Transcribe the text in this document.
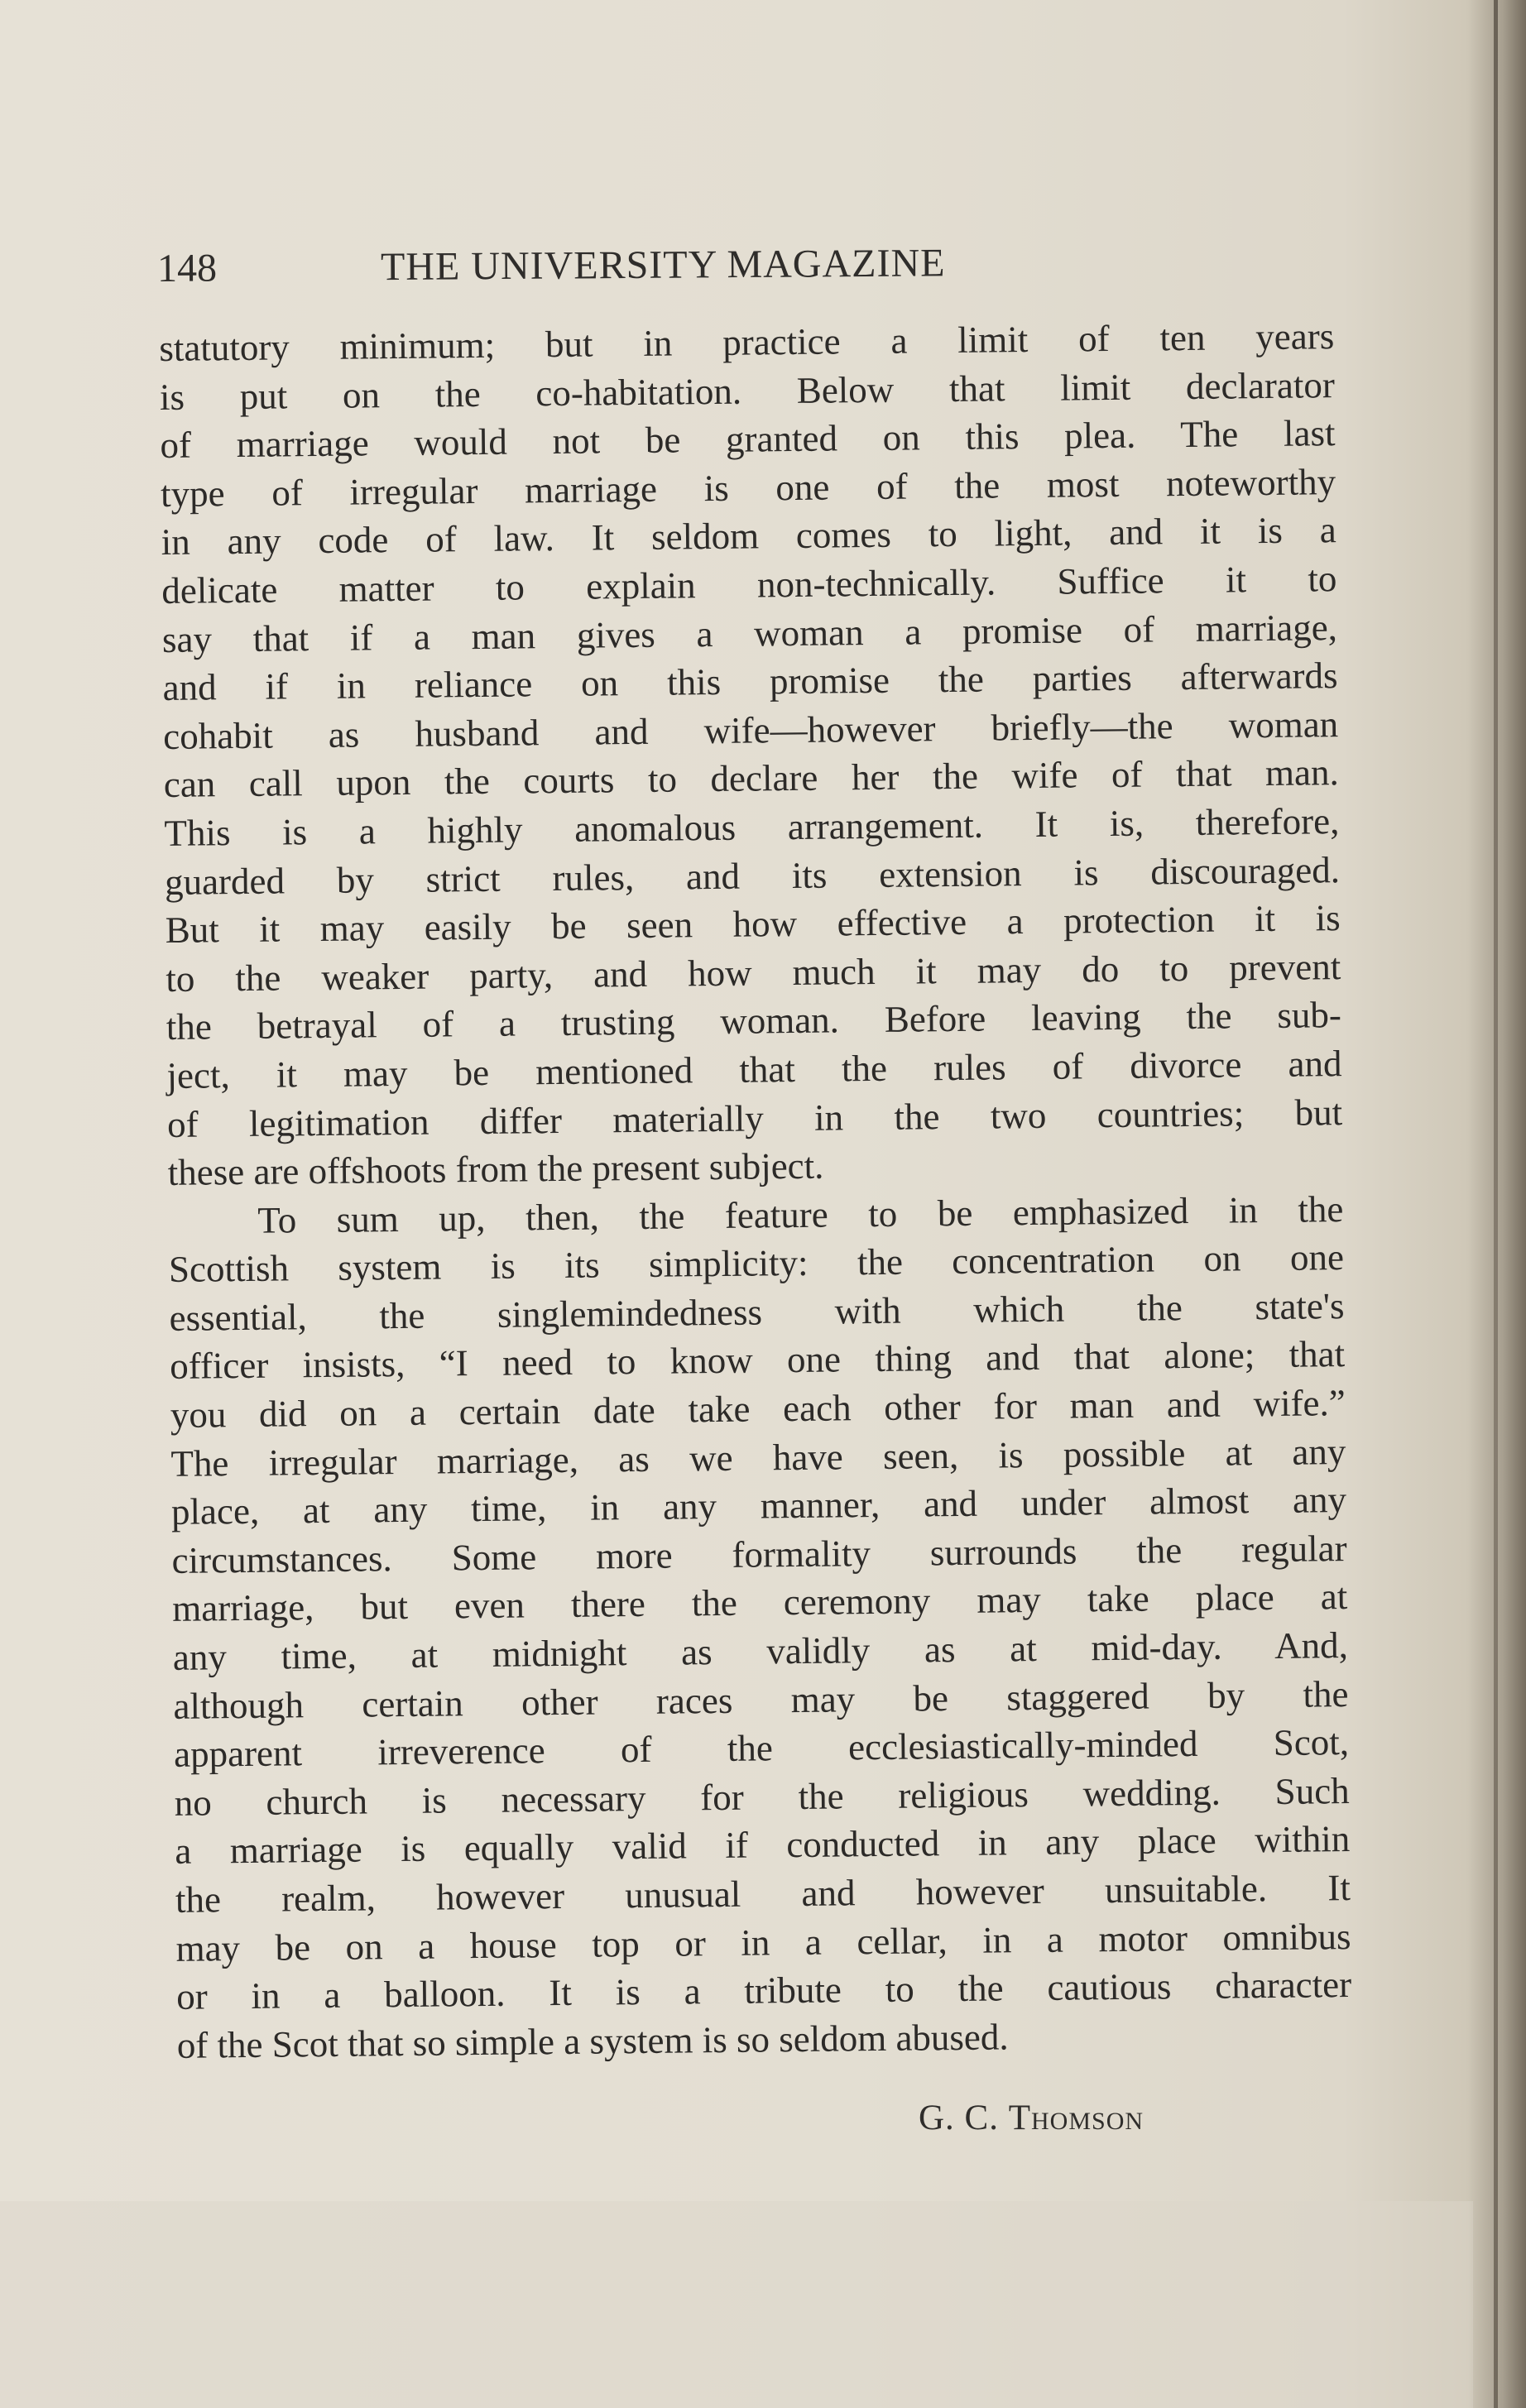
148	THE UNIVERSITY MAGAZINE
statutory minimum; but in practice a limit of ten years
is put on the co-habitation. Below that limit declarator
of marriage would not be granted on this plea. The last
type of irregular marriage is one of the most noteworthy
in any code of law. It seldom comes to light, and it is a
delicate matter to explain non-technically. Suffice it to
say that if a man gives a woman a promise of marriage,
and if in reliance on this promise the parties afterwards
cohabit as husband and wife—however briefly—the woman
can call upon the courts to declare her the wife of that man.
This is a highly anomalous arrangement. It is, therefore,
guarded by strict rules, and its extension is discouraged.
But it may easily be seen how effective a protection it is
to the weaker party, and how much it may do to prevent
the betrayal of a trusting woman. Before leaving the sub-
ject, it may be mentioned that the rules of divorce and
of legitimation differ materially in the two countries; but
these are offshoots from the present subject.
To sum up, then, the feature to be emphasized in the
Scottish system is its simplicity: the concentration on one
essential, the singlemindedness with which the state's
officer insists, “I need to know one thing and that alone; that
you did on a certain date take each other for man and wife.”
The irregular marriage, as we have seen, is possible at any
place, at any time, in any manner, and under almost any
circumstances. Some more formality surrounds the regular
marriage, but even there the ceremony may take place at
any time, at midnight as validly as at mid-day. And,
although certain other races may be staggered by the
apparent irreverence of the ecclesiastically-minded Scot,
no church is necessary for the religious wedding. Such
a marriage is equally valid if conducted in any place within
the realm, however unusual and however unsuitable. It
may be on a house top or in a cellar, in a motor omnibus
or in a balloon. It is a tribute to the cautious character
of the Scot that so simple a system is so seldom abused.
G. C. Thomson
